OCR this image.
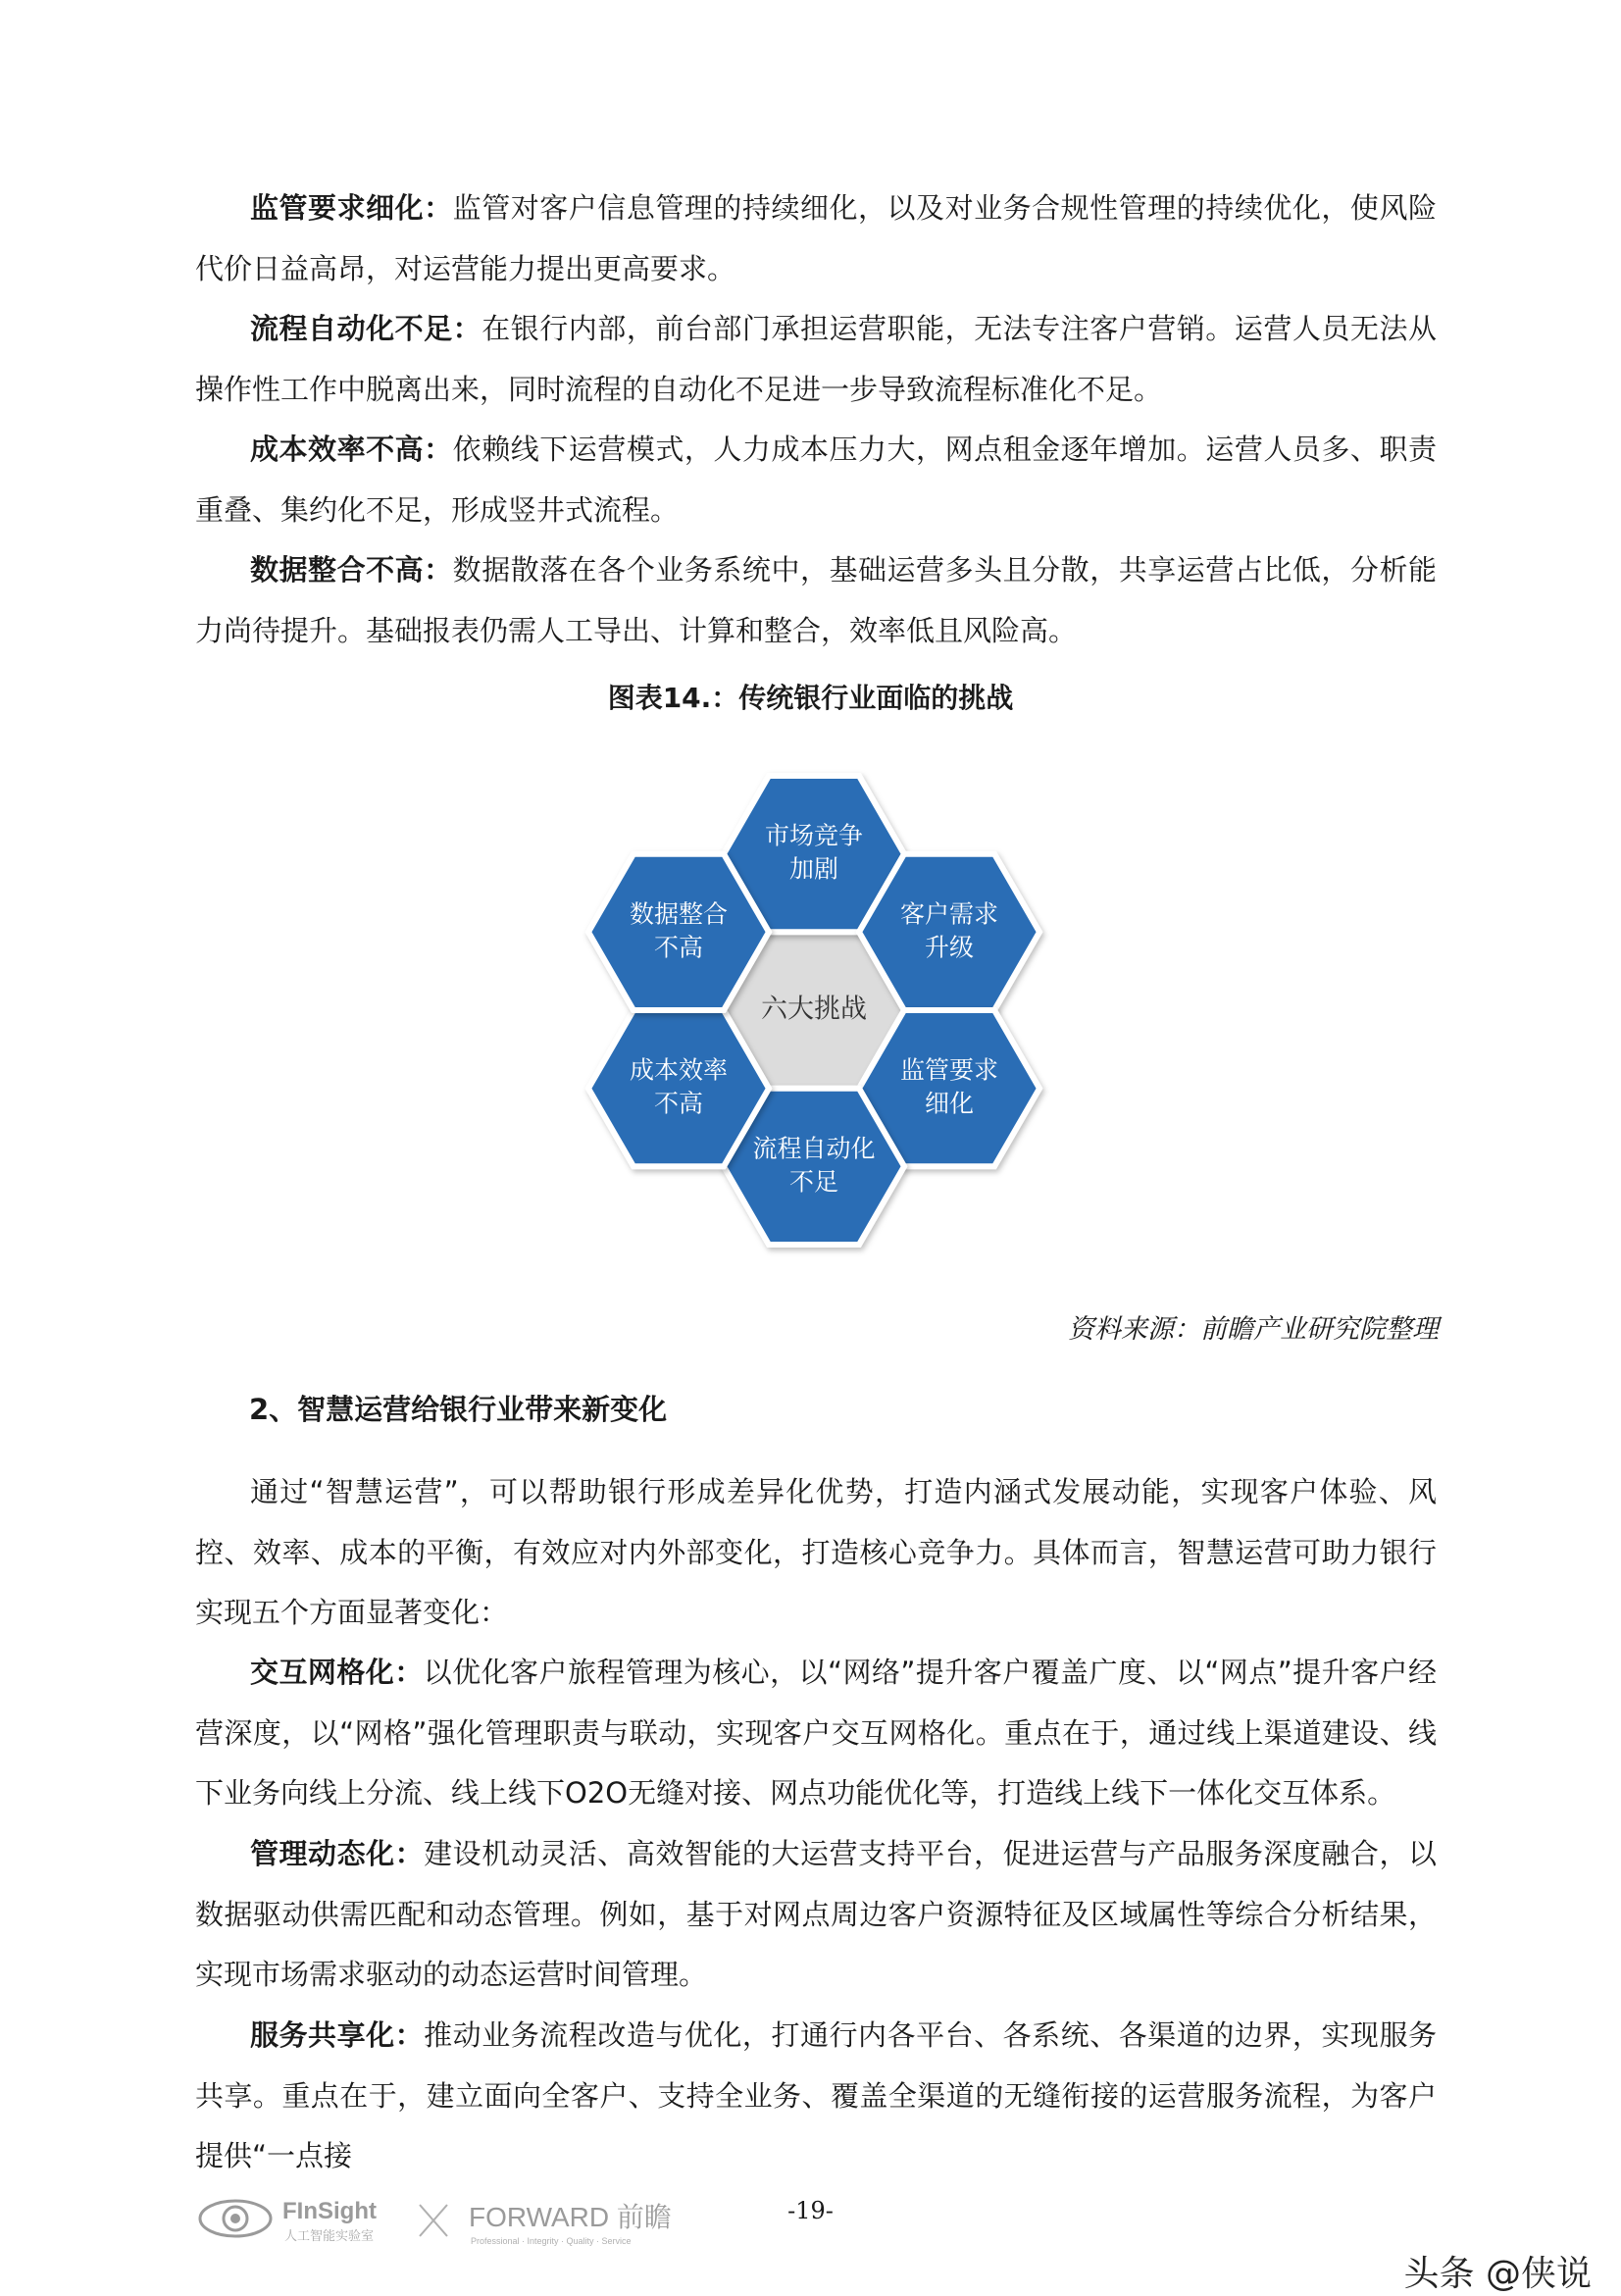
监管要求细化：监管对客户信息管理的持续细化，以及对业务合规性管理的持续优化，使风险代价日益高昂，对运营能力提出更高要求。

流程自动化不足：在银行内部，前台部门承担运营职能，无法专注客户营销。运营人员无法从操作性工作中脱离出来，同时流程的自动化不足进一步导致流程标准化不足。

成本效率不高：依赖线下运营模式，人力成本压力大，网点租金逐年增加。运营人员多、职责重叠、集约化不足，形成竖井式流程。

数据整合不高：数据散落在各个业务系统中，基础运营多头且分散，共享运营占比低，分析能力尚待提升。基础报表仍需人工导出、计算和整合，效率低且风险高。

图表14.：传统银行业面临的挑战
六大挑战
市场竞争
加剧
客户需求
升级
监管要求
细化
流程自动化
不足
成本效率
不高
数据整合
不高
资料来源：前瞻产业研究院整理
2、智慧运营给银行业带来新变化

通过“智慧运营”，可以帮助银行形成差异化优势，打造内涵式发展动能，实现客户体验、风控、效率、成本的平衡，有效应对内外部变化，打造核心竞争力。具体而言，智慧运营可助力银行实现五个方面显著变化：

交互网格化：以优化客户旅程管理为核心，以“网络”提升客户覆盖广度、以“网点”提升客户经营深度，以“网格”强化管理职责与联动，实现客户交互网格化。重点在于，通过线上渠道建设、线下业务向线上分流、线上线下O2O无缝对接、网点功能优化等，打造线上线下一体化交互体系。

管理动态化：建设机动灵活、高效智能的大运营支持平台，促进运营与产品服务深度融合，以数据驱动供需匹配和动态管理。例如，基于对网点周边客户资源特征及区域属性等综合分析结果，实现市场需求驱动的动态运营时间管理。

服务共享化：推动业务流程改造与优化，打通行内各平台、各系统、各渠道的边界，实现服务共享。重点在于，建立面向全客户、支持全业务、覆盖全渠道的无缝衔接的运营服务流程，为客户提供“一点接

FInSight
人工智能实验室
FORWARD 前瞻
Professional · Integrity · Quality · Service
-19-
头条 @侠说
